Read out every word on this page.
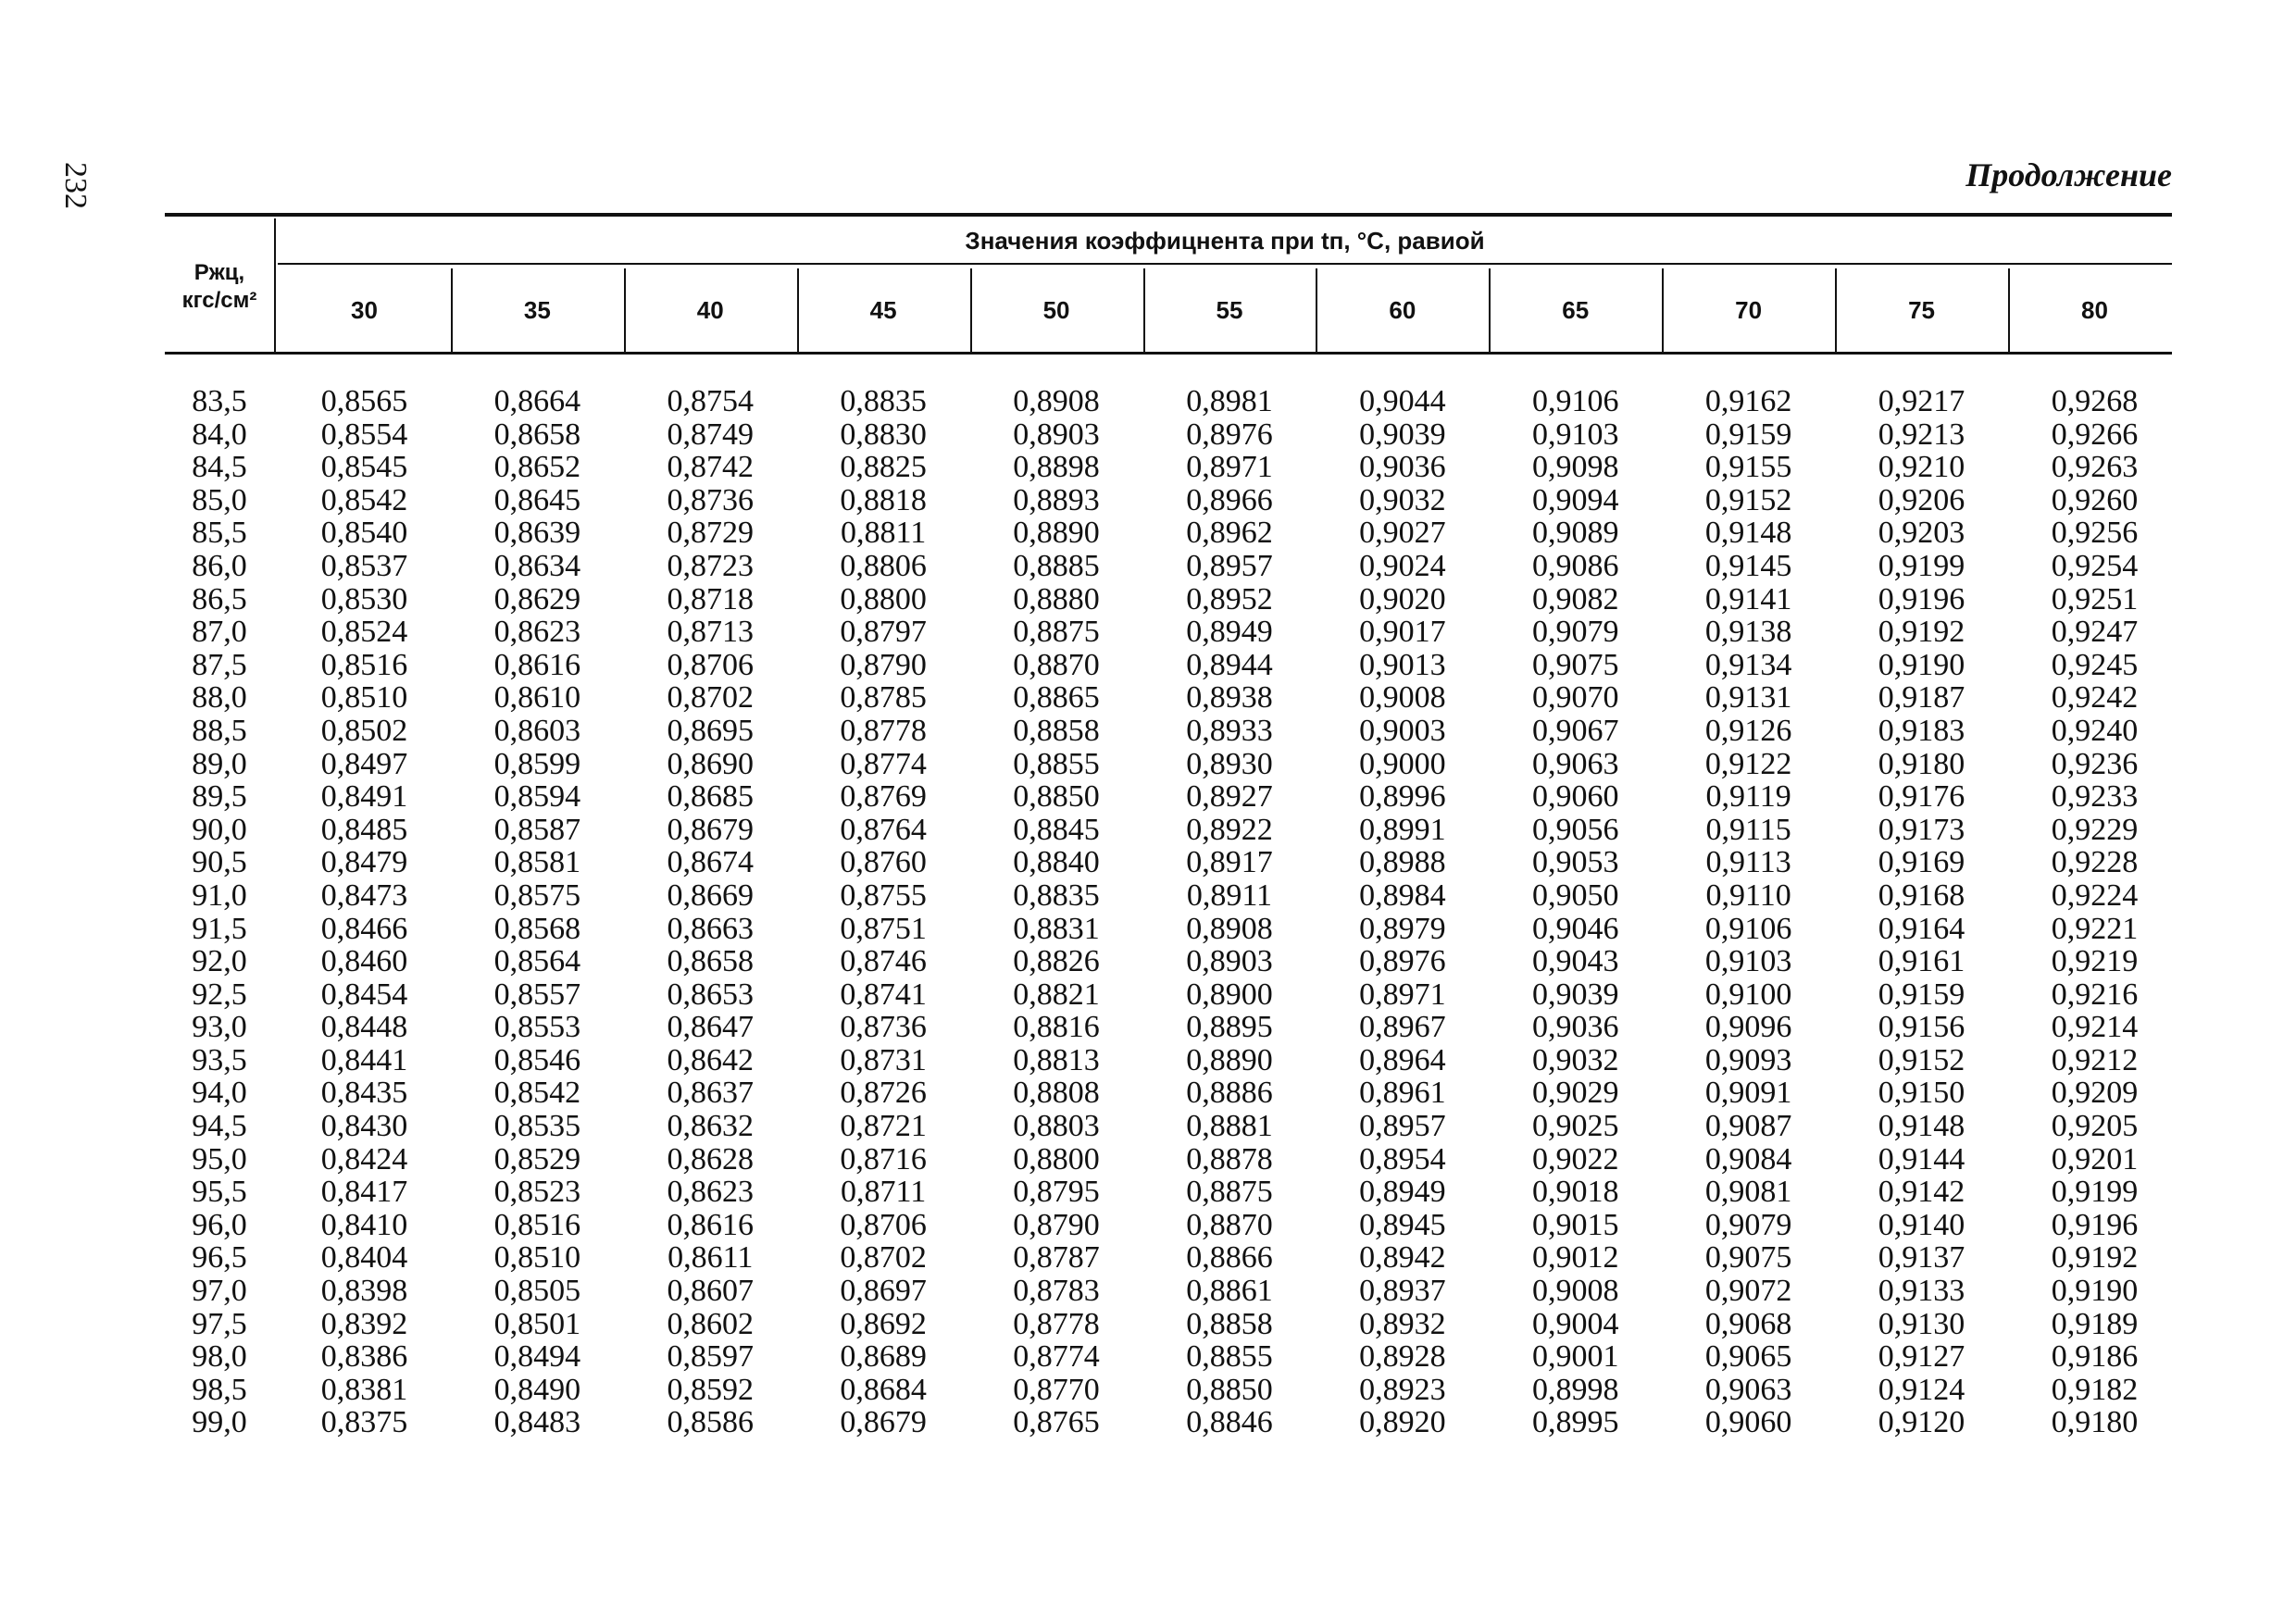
232	Продолжение
Значения коэффицнента при tп, °С, равиой
Pжц,
кгс/см²	30	35	40	45	50	55	60	65	70	75	80
83,5	0,8565	0,8664	0,8754	0,8835	0,8908	0,8981	0,9044	0,9106	0,9162	0,9217	0,9268
84,0	0,8554	0,8658	0,8749	0,8830	0,8903	0,8976	0,9039	0,9103	0,9159	0,9213	0,9266
84,5	0,8545	0,8652	0,8742	0,8825	0,8898	0,8971	0,9036	0,9098	0,9155	0,9210	0,9263
85,0	0,8542	0,8645	0,8736	0,8818	0,8893	0,8966	0,9032	0,9094	0,9152	0,9206	0,9260
85,5	0,8540	0,8639	0,8729	0,8811	0,8890	0,8962	0,9027	0,9089	0,9148	0,9203	0,9256
86,0	0,8537	0,8634	0,8723	0,8806	0,8885	0,8957	0,9024	0,9086	0,9145	0,9199	0,9254
86,5	0,8530	0,8629	0,8718	0,8800	0,8880	0,8952	0,9020	0,9082	0,9141	0,9196	0,9251
87,0	0,8524	0,8623	0,8713	0,8797	0,8875	0,8949	0,9017	0,9079	0,9138	0,9192	0,9247
87,5	0,8516	0,8616	0,8706	0,8790	0,8870	0,8944	0,9013	0,9075	0,9134	0,9190	0,9245
88,0	0,8510	0,8610	0,8702	0,8785	0,8865	0,8938	0,9008	0,9070	0,9131	0,9187	0,9242
88,5	0,8502	0,8603	0,8695	0,8778	0,8858	0,8933	0,9003	0,9067	0,9126	0,9183	0,9240
89,0	0,8497	0,8599	0,8690	0,8774	0,8855	0,8930	0,9000	0,9063	0,9122	0,9180	0,9236
89,5	0,8491	0,8594	0,8685	0,8769	0,8850	0,8927	0,8996	0,9060	0,9119	0,9176	0,9233
90,0	0,8485	0,8587	0,8679	0,8764	0,8845	0,8922	0,8991	0,9056	0,9115	0,9173	0,9229
90,5	0,8479	0,8581	0,8674	0,8760	0,8840	0,8917	0,8988	0,9053	0,9113	0,9169	0,9228
91,0	0,8473	0,8575	0,8669	0,8755	0,8835	0,8911	0,8984	0,9050	0,9110	0,9168	0,9224
91,5	0,8466	0,8568	0,8663	0,8751	0,8831	0,8908	0,8979	0,9046	0,9106	0,9164	0,9221
92,0	0,8460	0,8564	0,8658	0,8746	0,8826	0,8903	0,8976	0,9043	0,9103	0,9161	0,9219
92,5	0,8454	0,8557	0,8653	0,8741	0,8821	0,8900	0,8971	0,9039	0,9100	0,9159	0,9216
93,0	0,8448	0,8553	0,8647	0,8736	0,8816	0,8895	0,8967	0,9036	0,9096	0,9156	0,9214
93,5	0,8441	0,8546	0,8642	0,8731	0,8813	0,8890	0,8964	0,9032	0,9093	0,9152	0,9212
94,0	0,8435	0,8542	0,8637	0,8726	0,8808	0,8886	0,8961	0,9029	0,9091	0,9150	0,9209
94,5	0,8430	0,8535	0,8632	0,8721	0,8803	0,8881	0,8957	0,9025	0,9087	0,9148	0,9205
95,0	0,8424	0,8529	0,8628	0,8716	0,8800	0,8878	0,8954	0,9022	0,9084	0,9144	0,9201
95,5	0,8417	0,8523	0,8623	0,8711	0,8795	0,8875	0,8949	0,9018	0,9081	0,9142	0,9199
96,0	0,8410	0,8516	0,8616	0,8706	0,8790	0,8870	0,8945	0,9015	0,9079	0,9140	0,9196
96,5	0,8404	0,8510	0,8611	0,8702	0,8787	0,8866	0,8942	0,9012	0,9075	0,9137	0,9192
97,0	0,8398	0,8505	0,8607	0,8697	0,8783	0,8861	0,8937	0,9008	0,9072	0,9133	0,9190
97,5	0,8392	0,8501	0,8602	0,8692	0,8778	0,8858	0,8932	0,9004	0,9068	0,9130	0,9189
98,0	0,8386	0,8494	0,8597	0,8689	0,8774	0,8855	0,8928	0,9001	0,9065	0,9127	0,9186
98,5	0,8381	0,8490	0,8592	0,8684	0,8770	0,8850	0,8923	0,8998	0,9063	0,9124	0,9182
99,0	0,8375	0,8483	0,8586	0,8679	0,8765	0,8846	0,8920	0,8995	0,9060	0,9120	0,9180
